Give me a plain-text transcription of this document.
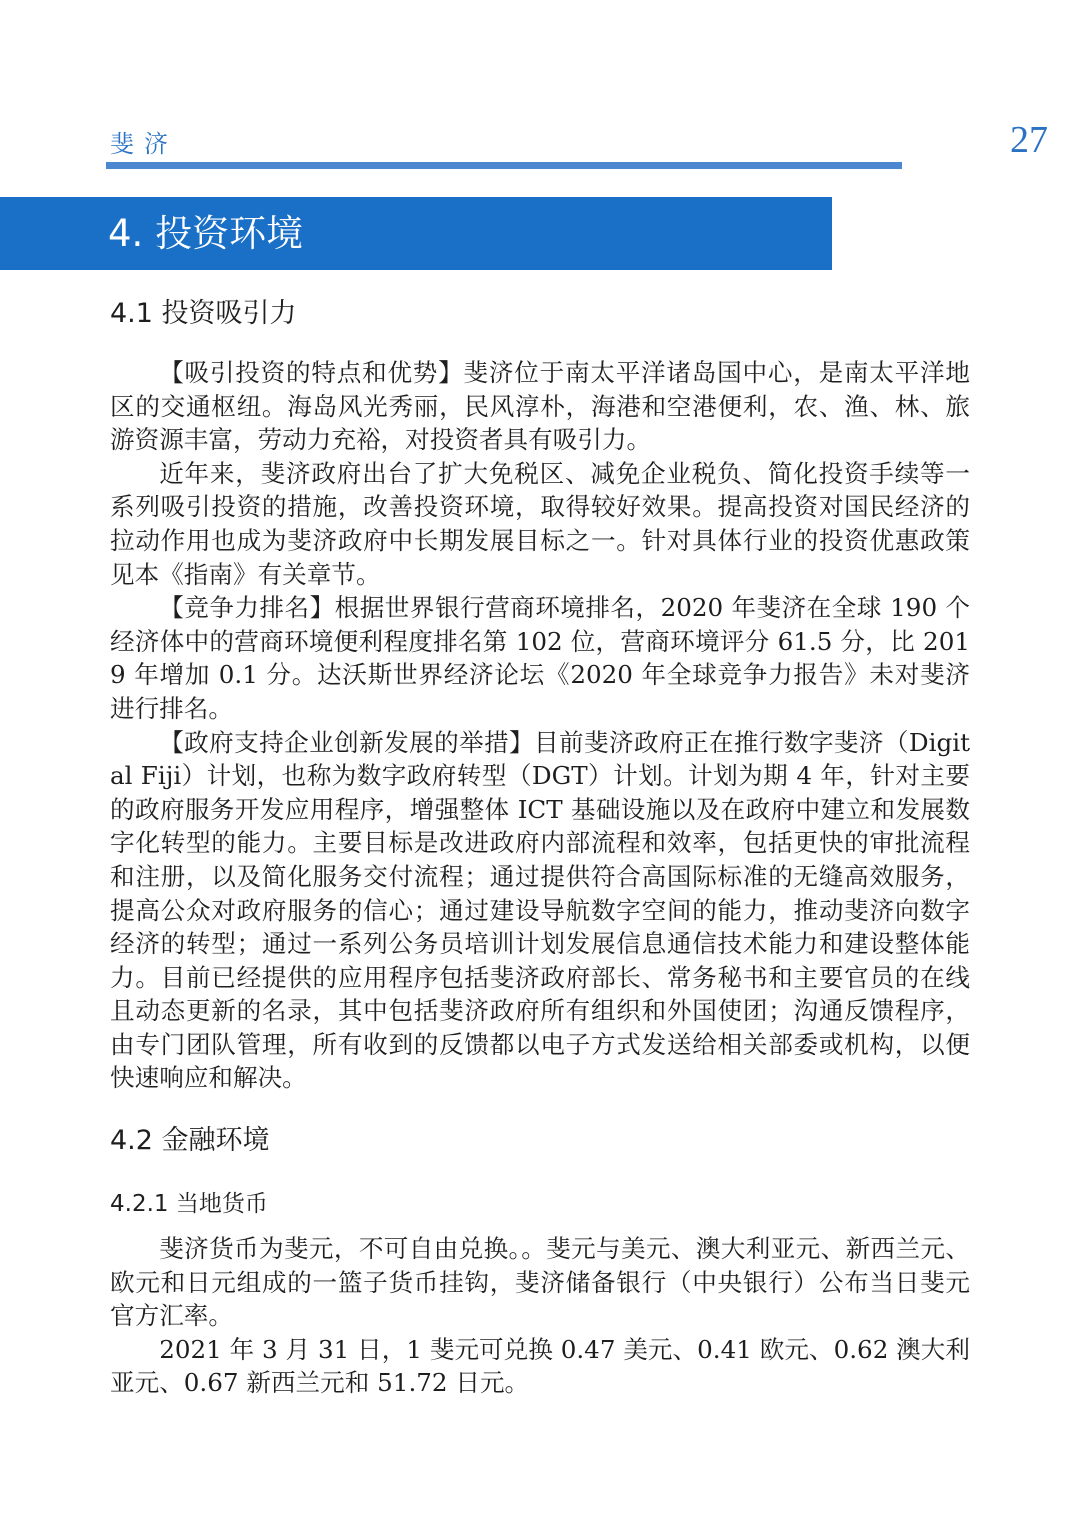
斐济	27
4. 投资环境
4.1 投资吸引力

【吸引投资的特点和优势】斐济位于南太平洋诸岛国中心，是南太平洋地区的交通枢纽。海岛风光秀丽，民风淳朴，海港和空港便利，农、渔、林、旅游资源丰富，劳动力充裕，对投资者具有吸引力。

近年来，斐济政府出台了扩大免税区、减免企业税负、简化投资手续等一系列吸引投资的措施，改善投资环境，取得较好效果。提高投资对国民经济的拉动作用也成为斐济政府中长期发展目标之一。针对具体行业的投资优惠政策见本《指南》有关章节。

【竞争力排名】根据世界银行营商环境排名，2020 年斐济在全球 190 个经济体中的营商环境便利程度排名第 102 位，营商环境评分 61.5 分，比 2019 年增加 0.1 分。达沃斯世界经济论坛《2020 年全球竞争力报告》未对斐济进行排名。

【政府支持企业创新发展的举措】目前斐济政府正在推行数字斐济（Digital Fiji）计划，也称为数字政府转型（DGT）计划。计划为期 4 年，针对主要的政府服务开发应用程序，增强整体 ICT 基础设施以及在政府中建立和发展数字化转型的能力。主要目标是改进政府内部流程和效率，包括更快的审批流程和注册，以及简化服务交付流程；通过提供符合高国际标准的无缝高效服务，提高公众对政府服务的信心；通过建设导航数字空间的能力，推动斐济向数字经济的转型；通过一系列公务员培训计划发展信息通信技术能力和建设整体能力。目前已经提供的应用程序包括斐济政府部长、常务秘书和主要官员的在线且动态更新的名录，其中包括斐济政府所有组织和外国使团；沟通反馈程序，由专门团队管理，所有收到的反馈都以电子方式发送给相关部委或机构，以便快速响应和解决。

4.2 金融环境
4.2.1 当地货币

斐济货币为斐元，不可自由兑换。。斐元与美元、澳大利亚元、新西兰元、欧元和日元组成的一篮子货币挂钩，斐济储备银行（中央银行）公布当日斐元官方汇率。

2021 年 3 月 31 日，1 斐元可兑换 0.47 美元、0.41 欧元、0.62 澳大利亚元、0.67 新西兰元和 51.72 日元。
